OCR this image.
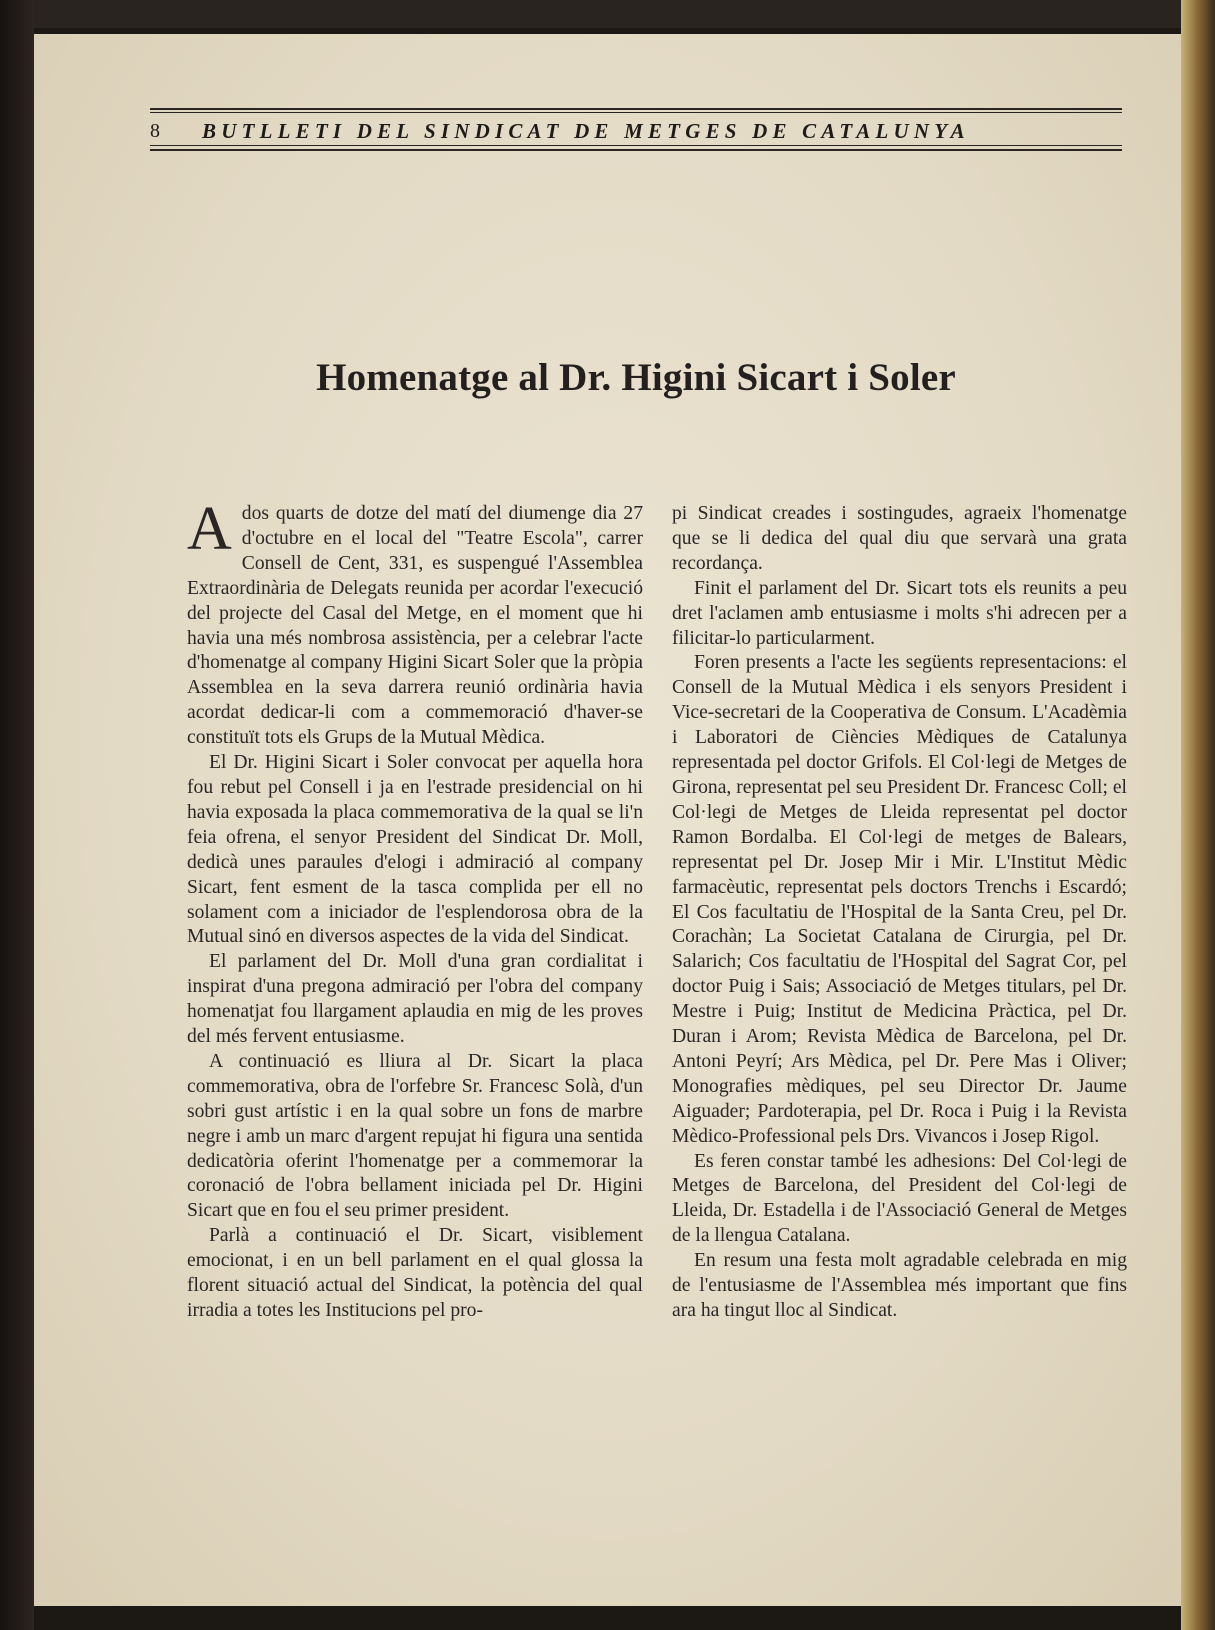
8	BUTLLETI DEL SINDICAT DE METGES DE CATALUNYA
Homenatge al Dr. Higini Sicart i Soler

A dos quarts de dotze del matí del diumenge dia 27 d'octubre en el local del "Teatre Escola", carrer Consell de Cent, 331, es suspengué l'Assemblea Extraordinària de Delegats reunida per acordar l'execució del projecte del Casal del Metge, en el moment que hi havia una més nombrosa assistència, per a celebrar l'acte d'homenatge al company Higini Sicart Soler que la pròpia Assemblea en la seva darrera reunió ordinària havia acordat dedicar-li com a commemoració d'haver-se constituït tots els Grups de la Mutual Mèdica.

El Dr. Higini Sicart i Soler convocat per aquella hora fou rebut pel Consell i ja en l'estrade presidencial on hi havia exposada la placa commemorativa de la qual se li'n feia ofrena, el senyor President del Sindicat Dr. Moll, dedicà unes paraules d'elogi i admiració al company Sicart, fent esment de la tasca complida per ell no solament com a iniciador de l'esplendorosa obra de la Mutual sinó en diversos aspectes de la vida del Sindicat.

El parlament del Dr. Moll d'una gran cordialitat i inspirat d'una pregona admiració per l'obra del company homenatjat fou llargament aplaudia en mig de les proves del més fervent entusiasme.

A continuació es lliura al Dr. Sicart la placa commemorativa, obra de l'orfebre Sr. Francesc Solà, d'un sobri gust artístic i en la qual sobre un fons de marbre negre i amb un marc d'argent repujat hi figura una sentida dedicatòria oferint l'homenatge per a commemorar la coronació de l'obra bellament iniciada pel Dr. Higini Sicart que en fou el seu primer president.

Parlà a continuació el Dr. Sicart, visiblement emocionat, i en un bell parlament en el qual glossa la florent situació actual del Sindicat, la potència del qual irradia a totes les Institucions pel pro-

pi Sindicat creades i sostingudes, agraeix l'homenatge que se li dedica del qual diu que servarà una grata recordança.

Finit el parlament del Dr. Sicart tots els reunits a peu dret l'aclamen amb entusiasme i molts s'hi adrecen per a filicitar-lo particularment.

Foren presents a l'acte les següents representacions: el Consell de la Mutual Mèdica i els senyors President i Vice-secretari de la Cooperativa de Consum. L'Acadèmia i Laboratori de Ciències Mèdiques de Catalunya representada pel doctor Grifols. El Col·legi de Metges de Girona, representat pel seu President Dr. Francesc Coll; el Col·legi de Metges de Lleida representat pel doctor Ramon Bordalba. El Col·legi de metges de Balears, representat pel Dr. Josep Mir i Mir. L'Institut Mèdic farmacèutic, representat pels doctors Trenchs i Escardó; El Cos facultatiu de l'Hospital de la Santa Creu, pel Dr. Corachàn; La Societat Catalana de Cirurgia, pel Dr. Salarich; Cos facultatiu de l'Hospital del Sagrat Cor, pel doctor Puig i Sais; Associació de Metges titulars, pel Dr. Mestre i Puig; Institut de Medicina Pràctica, pel Dr. Duran i Arom; Revista Mèdica de Barcelona, pel Dr. Antoni Peyrí; Ars Mèdica, pel Dr. Pere Mas i Oliver; Monografies mèdiques, pel seu Director Dr. Jaume Aiguader; Pardoterapia, pel Dr. Roca i Puig i la Revista Mèdico-Professional pels Drs. Vivancos i Josep Rigol.

Es feren constar també les adhesions: Del Col·legi de Metges de Barcelona, del President del Col·legi de Lleida, Dr. Estadella i de l'Associació General de Metges de la llengua Catalana.

En resum una festa molt agradable celebrada en mig de l'entusiasme de l'Assemblea més important que fins ara ha tingut lloc al Sindicat.
